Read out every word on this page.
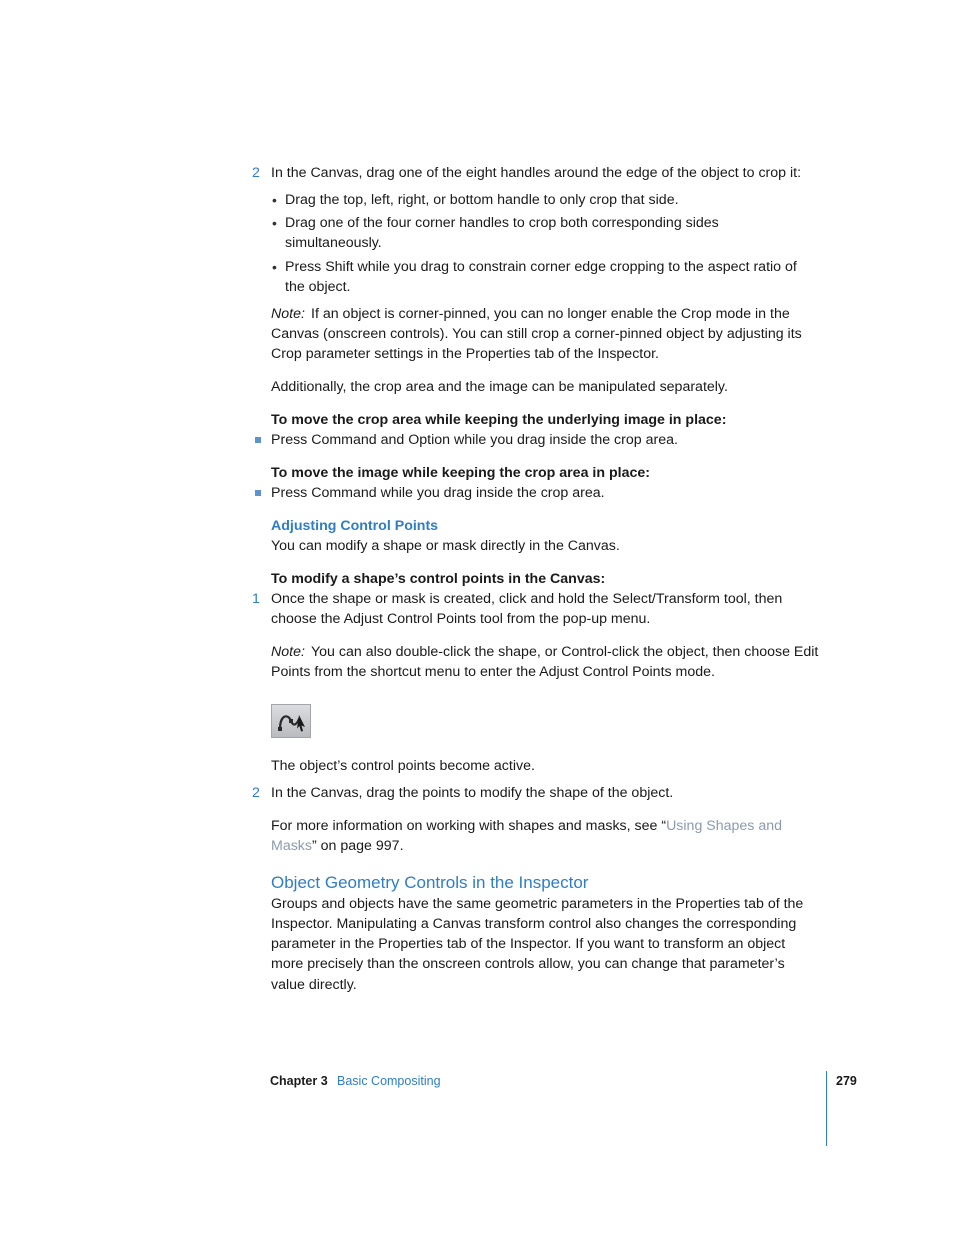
2 In the Canvas, drag one of the eight handles around the edge of the object to crop it:
• Drag the top, left, right, or bottom handle to only crop that side.
• Drag one of the four corner handles to crop both corresponding sides
simultaneously.
• Press Shift while you drag to constrain corner edge cropping to the aspect ratio of
the object.
Note: If an object is corner-pinned, you can no longer enable the Crop mode in the
Canvas (onscreen controls). You can still crop a corner-pinned object by adjusting its
Crop parameter settings in the Properties tab of the Inspector.
Additionally, the crop area and the image can be manipulated separately.
To move the crop area while keeping the underlying image in place:
Press Command and Option while you drag inside the crop area.
To move the image while keeping the crop area in place:
Press Command while you drag inside the crop area.
Adjusting Control Points
You can modify a shape or mask directly in the Canvas.
To modify a shape’s control points in the Canvas:
1 Once the shape or mask is created, click and hold the Select/Transform tool, then
choose the Adjust Control Points tool from the pop-up menu.
Note: You can also double-click the shape, or Control-click the object, then choose Edit
Points from the shortcut menu to enter the Adjust Control Points mode.
The object’s control points become active.
2 In the Canvas, drag the points to modify the shape of the object.
For more information on working with shapes and masks, see “Using Shapes and
Masks” on page 997.
Object Geometry Controls in the Inspector
Groups and objects have the same geometric parameters in the Properties tab of the
Inspector. Manipulating a Canvas transform control also changes the corresponding
parameter in the Properties tab of the Inspector. If you want to transform an object
more precisely than the onscreen controls allow, you can change that parameter’s
value directly.
Chapter 3 Basic Compositing	279
